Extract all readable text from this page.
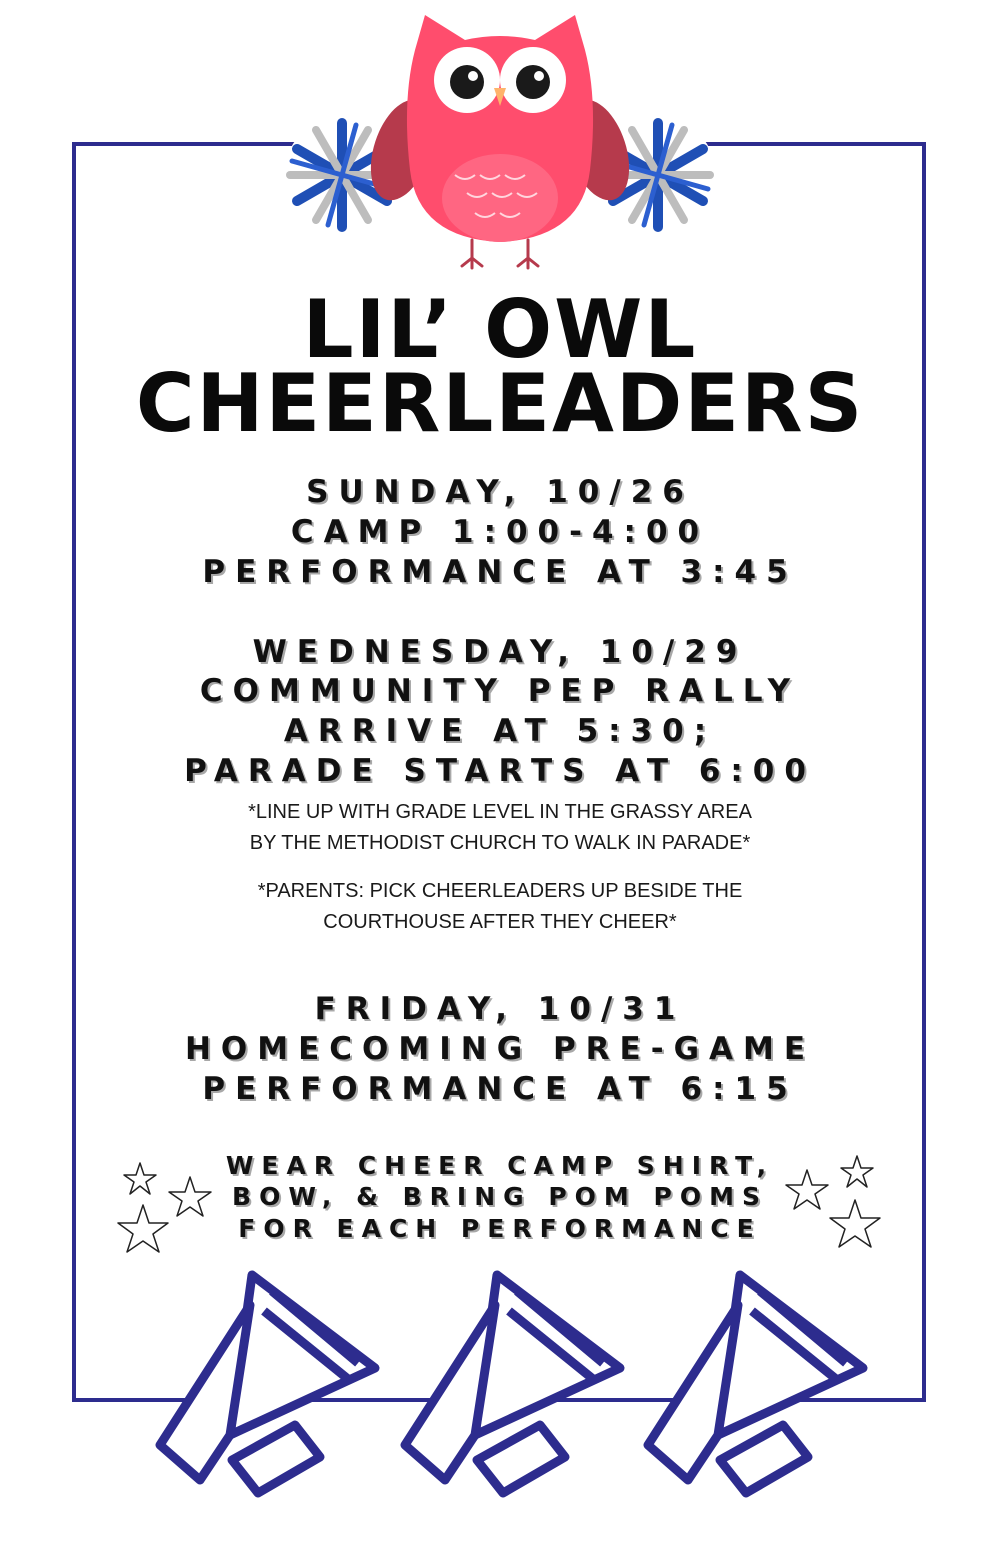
LIL’ OWL
CHEERLEADERS
SUNDAY, 10/26
CAMP 1:00-4:00
PERFORMANCE AT 3:45
WEDNESDAY, 10/29
COMMUNITY PEP RALLY
ARRIVE AT 5:30;
PARADE STARTS AT 6:00
*LINE UP WITH GRADE LEVEL IN THE GRASSY AREA
BY THE METHODIST CHURCH TO WALK IN PARADE*
*PARENTS: PICK CHEERLEADERS UP BESIDE THE
COURTHOUSE AFTER THEY CHEER*
FRIDAY, 10/31
HOMECOMING PRE-GAME
PERFORMANCE AT 6:15
WEAR CHEER CAMP SHIRT,
BOW, & BRING POM POMS
FOR EACH PERFORMANCE
